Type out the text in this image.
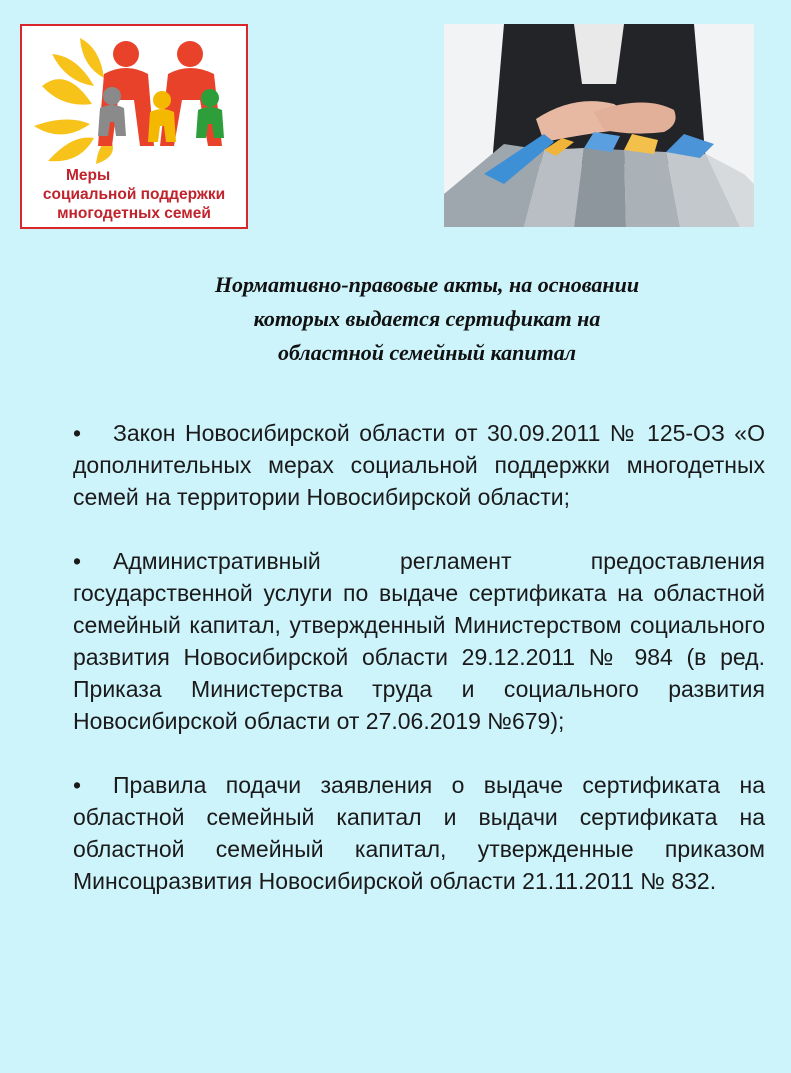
Меры
социальной поддержки
многодетных семей
Нормативно-правовые акты, на основании
которых выдается сертификат на
областной семейный капитал
• Закон Новосибирской области от 30.09.2011 № 125-ОЗ «О дополнительных мерах социальной поддержки многодетных семей на территории Новосибирской области;
• Административный регламент предоставления государственной услуги по выдаче сертификата на областной семейный капитал, утвержденный Министерством социального развития Новосибирской области 29.12.2011 № 984 (в ред. Приказа Министерства труда и социального развития Новосибирской области от 27.06.2019 №679);
• Правила подачи заявления о выдаче сертификата на областной семейный капитал и выдачи сертификата на областной семейный капитал, утвержденные приказом Минсоцразвития Новосибирской области 21.11.2011 № 832.
